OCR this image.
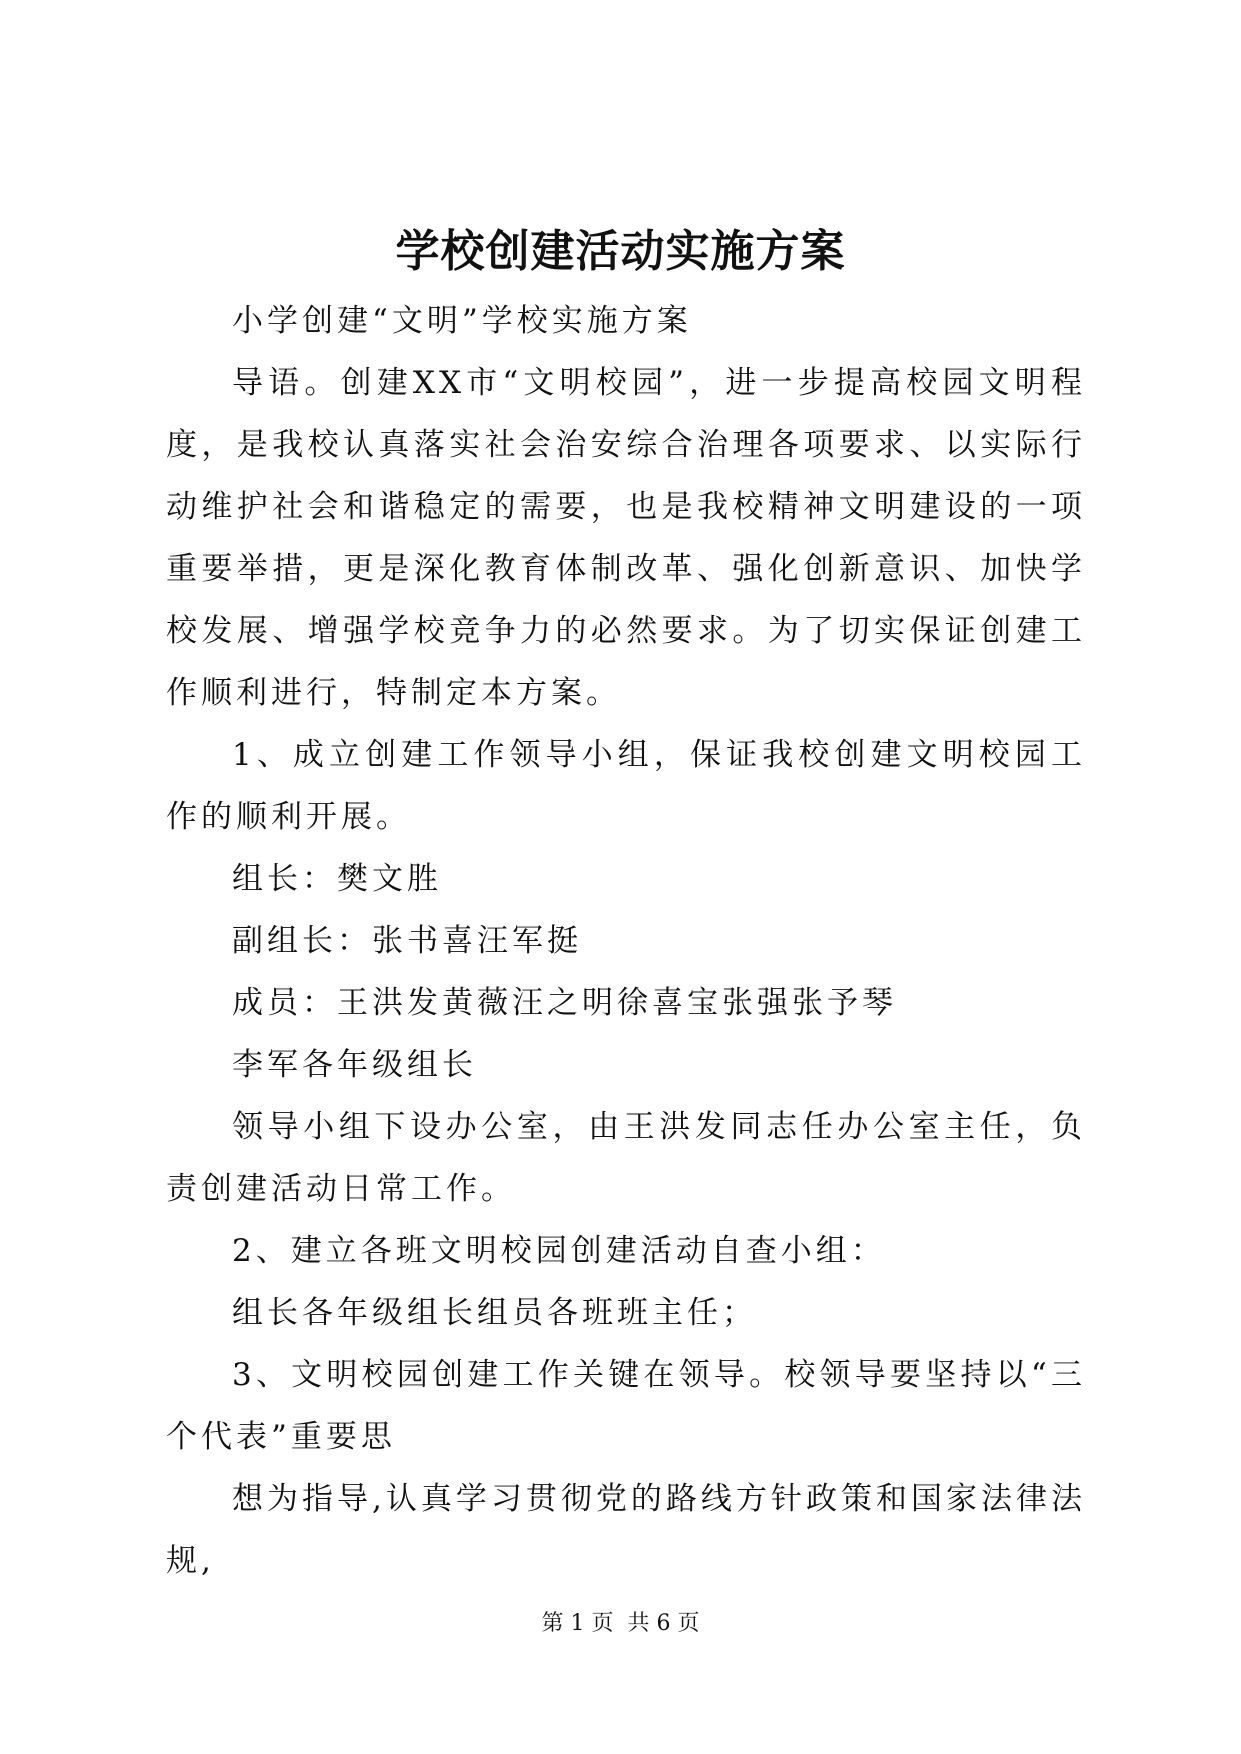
学校创建活动实施方案

小学创建“文明”学校实施方案

导语。创建XX市“文明校园”，进一步提高校园文明程度，是我校认真落实社会治安综合治理各项要求、以实际行动维护社会和谐稳定的需要，也是我校精神文明建设的一项重要举措，更是深化教育体制改革、强化创新意识、加快学校发展、增强学校竞争力的必然要求。为了切实保证创建工作顺利进行，特制定本方案。

1、成立创建工作领导小组，保证我校创建文明校园工作的顺利开展。

组长：樊文胜

副组长：张书喜汪军挺

成员：王洪发黄薇汪之明徐喜宝张强张予琴

李军各年级组长

领导小组下设办公室，由王洪发同志任办公室主任，负责创建活动日常工作。

2、建立各班文明校园创建活动自查小组：

组长各年级组长组员各班班主任；

3、文明校园创建工作关键在领导。校领导要坚持以“三个代表”重要思

想为指导,认真学习贯彻党的路线方针政策和国家法律法规,

第 1 页  共 6 页
